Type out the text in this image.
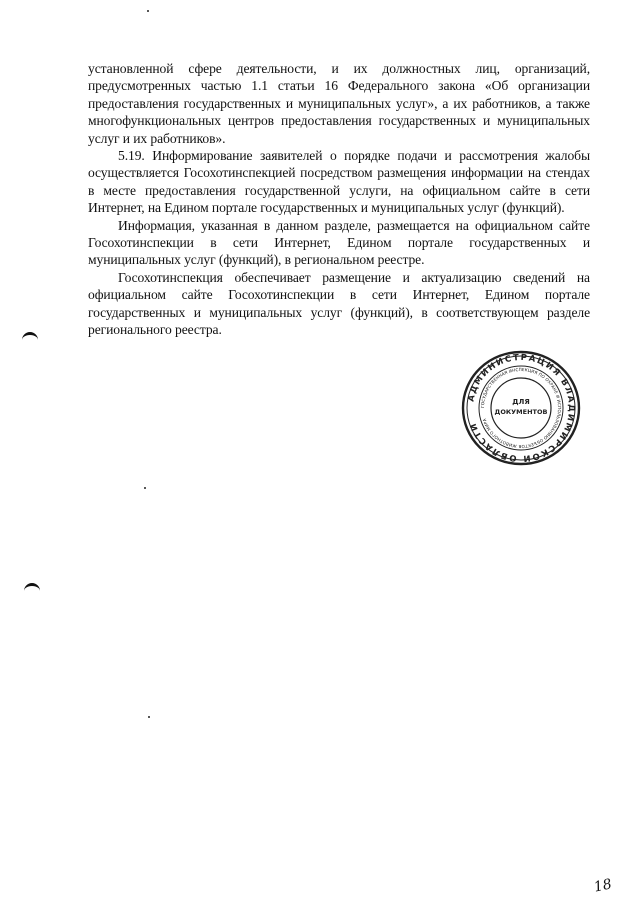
установленной сфере деятельности, и их должностных лиц, организаций, предусмотренных частью 1.1 статьи 16 Федерального закона «Об организации предоставления государственных и муниципальных услуг», а их работников, а также многофункциональных центров предоставления государственных и муниципальных услуг и их работников».

5.19. Информирование заявителей о порядке подачи и рассмотрения жалобы осуществляется Госохотинспекцией посредством размещения информации на стендах в месте предоставления государственной услуги, на официальном сайте в сети Интернет, на Едином портале государственных и муниципальных услуг (функций).

Информация, указанная в данном разделе, размещается на официальном сайте Госохотинспекции в сети Интернет, Едином портале государственных и муниципальных услуг (функций), в региональном реестре.

Госохотинспекция обеспечивает размещение и актуализацию сведений на официальном сайте Госохотинспекции в сети Интернет, Едином портале государственных и муниципальных услуг (функций), в соответствующем разделе регионального реестра.

АДМИНИСТРАЦИЯ ВЛАДИМИРСКОЙ ОБЛАСТИ
ГОСУДАРСТВЕННАЯ ИНСПЕКЦИЯ ПО ОХРАНЕ И ИСПОЛЬЗОВАНИЮ ОБЪЕКТОВ ЖИВОТНОГО МИРА
ДЛЯ
ДОКУМЕНТОВ
18
